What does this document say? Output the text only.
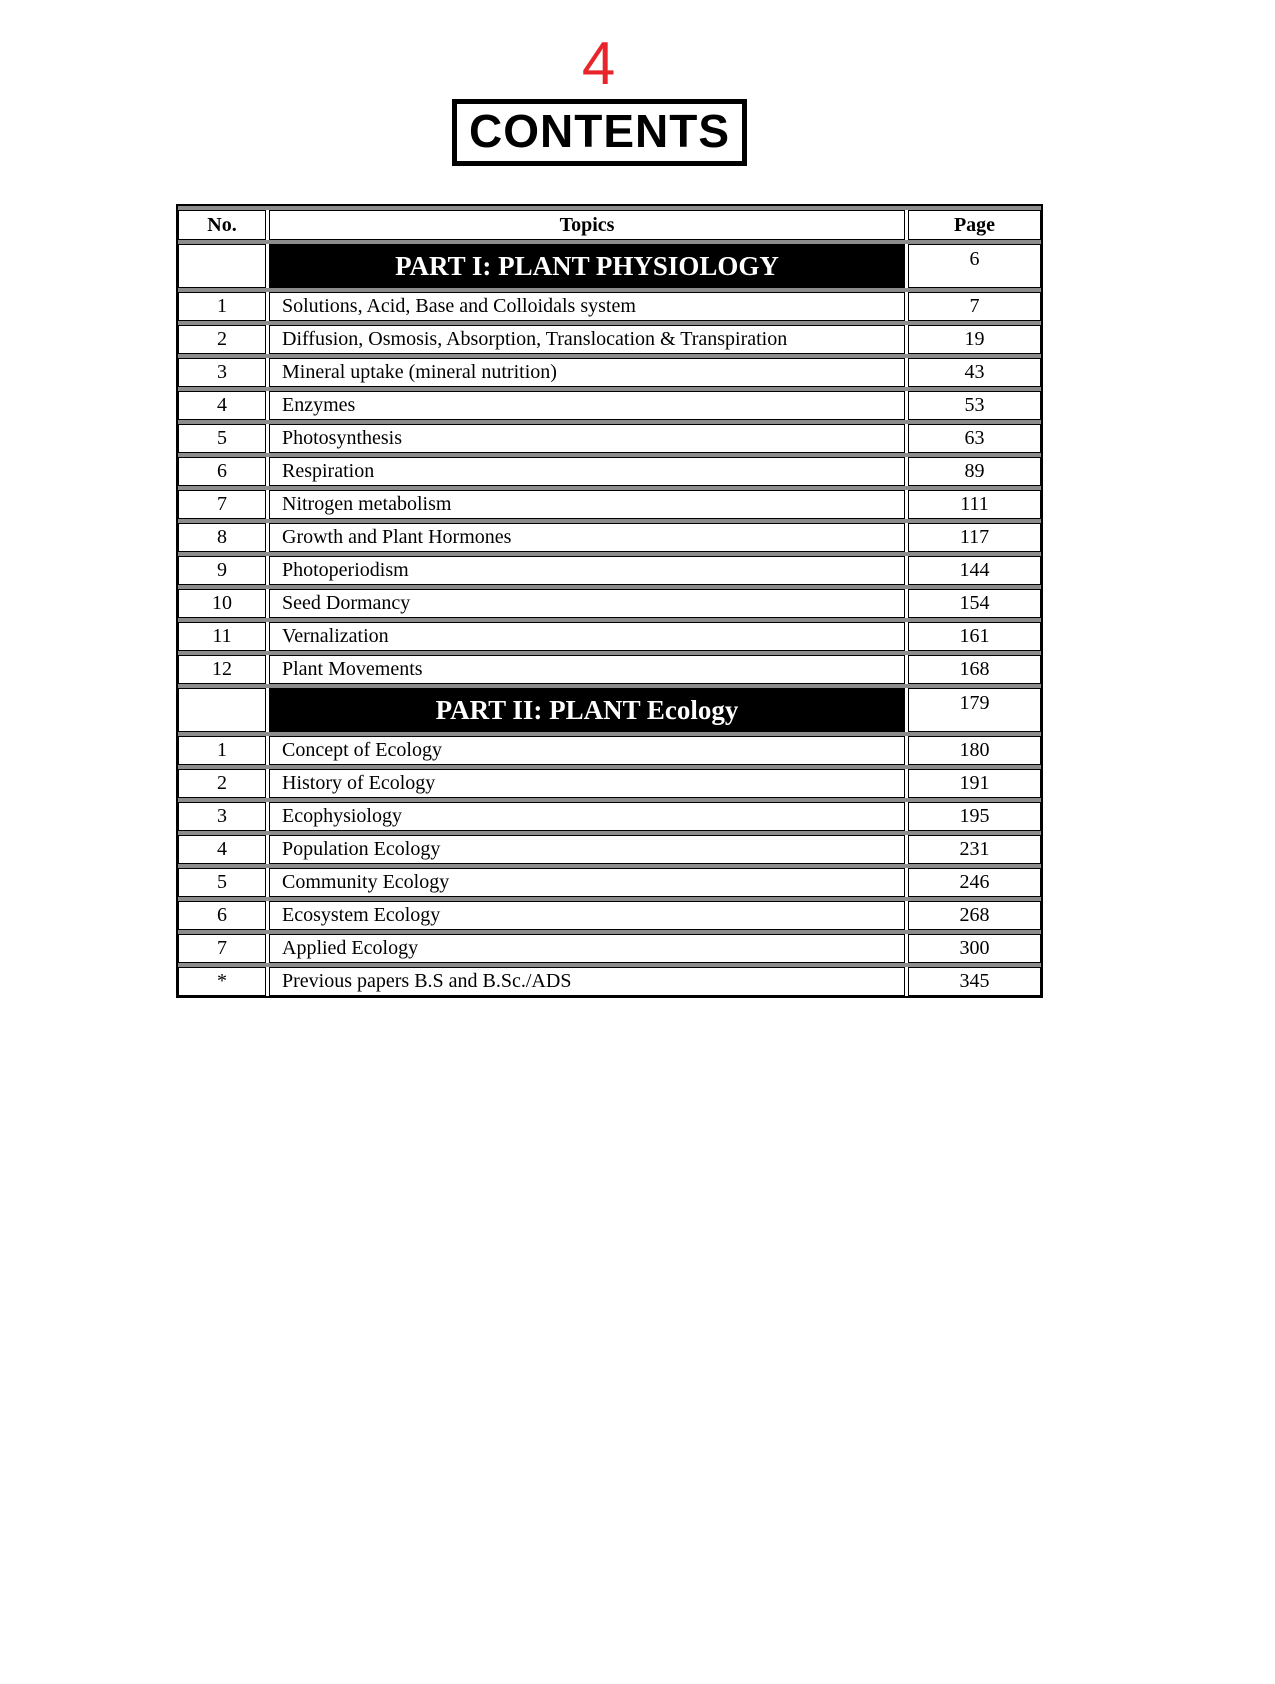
4
CONTENTS
No.	Topics	Page
PART I: PLANT PHYSIOLOGY	6
1	Solutions, Acid, Base and Colloidals system	7
2	Diffusion, Osmosis, Absorption, Translocation & Transpiration	19
3	Mineral uptake (mineral nutrition)	43
4	Enzymes	53
5	Photosynthesis	63
6	Respiration	89
7	Nitrogen metabolism	111
8	Growth and Plant Hormones	117
9	Photoperiodism	144
10	Seed Dormancy	154
11	Vernalization	161
12	Plant Movements	168
PART II: PLANT Ecology	179
1	Concept of Ecology	180
2	History of Ecology	191
3	Ecophysiology	195
4	Population Ecology	231
5	Community Ecology	246
6	Ecosystem Ecology	268
7	Applied Ecology	300
*	Previous papers B.S and B.Sc./ADS	345
